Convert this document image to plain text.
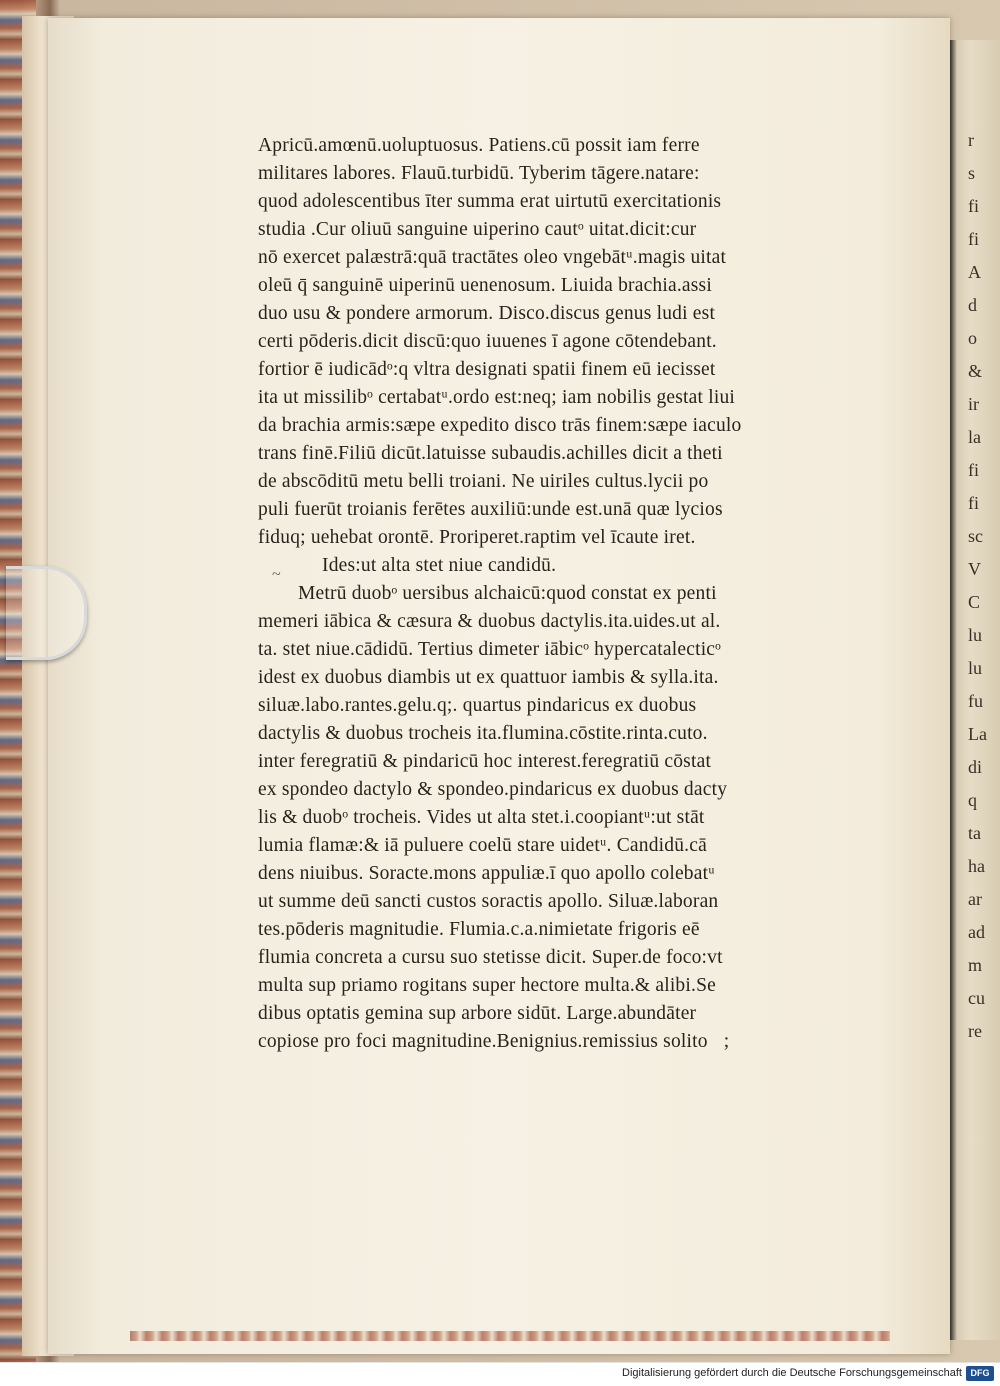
r
s
fi
fi
A
d
o
&
ir
la
fi
fi
sc
V
C
lu
lu
fu
La
di
q
ta
ha
ar
ad
m
cu
re
~
Apricū.amœnū.uoluptuosus. Patiens.cū possit iam ferre
militares labores. Flauū.turbidū. Tyberim tāgere.natare:
quod adolescentibus īter summa erat uirtutū exercitationis
studia .Cur oliuū sanguine uiperino cautᵒ uitat.dicit:cur
nō exercet palæstrā:quā tractātes oleo vngebātᵘ.magis uitat
oleū q̄ sanguinē uiperinū uenenosum. Liuida brachia.assi
duo usu & pondere armorum. Disco.discus genus ludi est
certi pōderis.dicit discū:quo iuuenes ī agone cōtendebant.
fortior ē iudicādᵒ:q vltra designati spatii finem eū iecisset
ita ut missilibᵒ certabatᵘ.ordo est:neq; iam nobilis gestat liui
da brachia armis:sæpe expedito disco trās finem:sæpe iaculo
trans finē.Filiū dicūt.latuisse subaudis.achilles dicit a theti
de abscōditū metu belli troiani. Ne uiriles cultus.lycii po
puli fuerūt troianis ferētes auxiliū:unde est.unā quæ lycios
fiduq; uehebat orontē. Proriperet.raptim vel īcaute iret.
Ides:ut alta stet niue candidū.
Metrū duobᵒ uersibus alchaicū:quod constat ex penti
memeri iābica & cæsura & duobus dactylis.ita.uides.ut al.
ta. stet niue.cādidū. Tertius dimeter iābicᵒ hypercatalecticᵒ
idest ex duobus diambis ut ex quattuor iambis & sylla.ita.
siluæ.labo.rantes.gelu.q;. quartus pindaricus ex duobus
dactylis & duobus trocheis ita.flumina.cōstite.rinta.cuto.
inter feregratiū & pindaricū hoc interest.feregratiū cōstat
ex spondeo dactylo & spondeo.pindaricus ex duobus dacty
lis & duobᵒ trocheis. Vides ut alta stet.i.coopiantᵘ:ut stāt
lumia flamæ:& iā puluere coelū stare uidetᵘ. Candidū.cā
dens niuibus. Soracte.mons appuliæ.ī quo apollo colebatᵘ
ut summe deū sancti custos soractis apollo. Siluæ.laboran
tes.pōderis magnitudie. Flumia.c.a.nimietate frigoris eē
flumia concreta a cursu suo stetisse dicit. Super.de foco:vt
multa sup priamo rogitans super hectore multa.& alibi.Se
dibus optatis gemina sup arbore sidūt. Large.abundāter
copiose pro foci magnitudine.Benignius.remissius solito ;
Digitalisierung gefördert durch die Deutsche Forschungsgemeinschaft DFG
